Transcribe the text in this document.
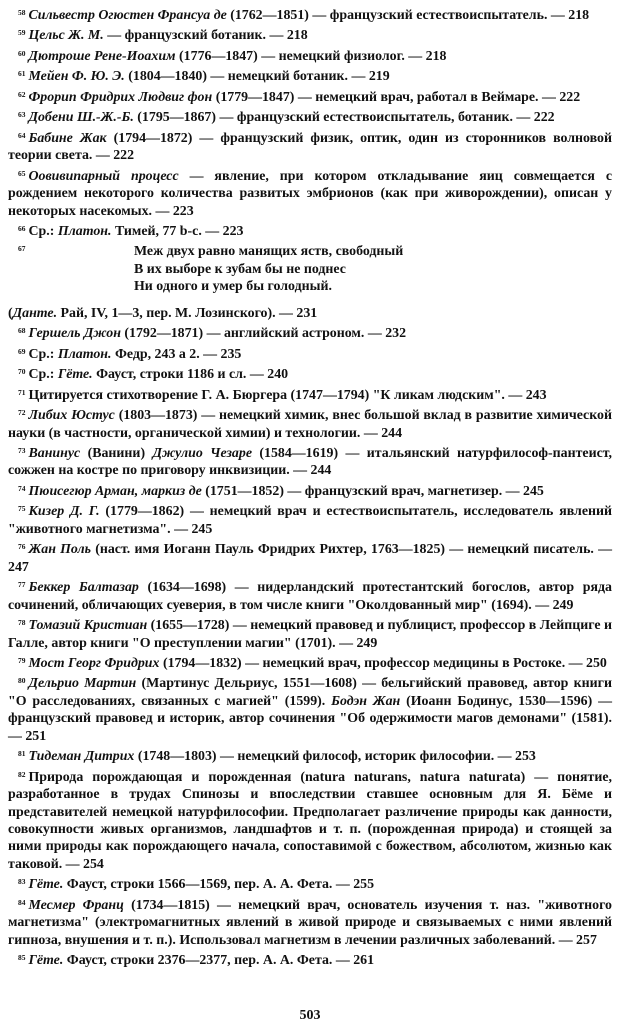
$^{58}$ Сильвестр Огюстен Франсуа де (1762—1851) — французский естествоиспытатель. — 218

$^{59}$ Цельс Ж. М. — французский ботаник. — 218

$^{60}$ Дютроше Рене-Иоахим (1776—1847) — немецкий физиолог. — 218

$^{61}$ Мейен Ф. Ю. Э. (1804—1840) — немецкий ботаник. — 219

$^{62}$ Фрорип Фридрих Людвиг фон (1779—1847) — немецкий врач, работал в Веймаре. — 222

$^{63}$ Добени Ш.-Ж.-Б. (1795—1867) — французский естествоиспытатель, ботаник. — 222

$^{64}$ Бабине Жак (1794—1872) — французский физик, оптик, один из сторонников волновой теории света. — 222

$^{65}$ Оовивипарный процесс — явление, при котором откладывание яиц совмещается с рождением некоторого количества развитых эмбрионов (как при живорождении), описан у некоторых насекомых. — 223

$^{66}$ Ср.: Платон. Тимей, 77 b-c. — 223

$^{67}$	Меж двух равно манящих яств, свободный
В их выборе к зубам бы не поднес
Ни одного и умер бы голодный.

(Данте. Рай, IV, 1—3, пер. М. Лозинского). — 231

$^{68}$ Гершель Джон (1792—1871) — английский астроном. — 232

$^{69}$ Ср.: Платон. Федр, 243 а 2. — 235

$^{70}$ Ср.: Гёте. Фауст, строки 1186 и сл. — 240

$^{71}$ Цитируется стихотворение Г. А. Бюргера (1747—1794) "К ликам людским". — 243

$^{72}$ Либих Юстус (1803—1873) — немецкий химик, внес большой вклад в развитие химической науки (в частности, органической химии) и технологии. — 244

$^{73}$ Ванинус (Ванини) Джулио Чезаре (1584—1619) — итальянский натурфилософ-пантеист, сожжен на костре по приговору инквизиции. — 244

$^{74}$ Пюисегюр Арман, маркиз де (1751—1852) — французский врач, магнетизер. — 245

$^{75}$ Кизер Д. Г. (1779—1862) — немецкий врач и естествоиспытатель, исследователь явлений "животного магнетизма". — 245

$^{76}$ Жан Поль (наст. имя Иоганн Пауль Фридрих Рихтер, 1763—1825) — немецкий писатель. — 247

$^{77}$ Беккер Балтазар (1634—1698) — нидерландский протестантский богослов, автор ряда сочинений, обличающих суеверия, в том числе книги "Околдованный мир" (1694). — 249

$^{78}$ Томазий Кристиан (1655—1728) — немецкий правовед и публицист, профессор в Лейпциге и Галле, автор книги "О преступлении магии" (1701). — 249

$^{79}$ Мост Георг Фридрих (1794—1832) — немецкий врач, профессор медицины в Ростоке. — 250

$^{80}$ Дельрио Мартин (Мартинус Дельриус, 1551—1608) — бельгийский правовед, автор книги "О расследованиях, связанных с магией" (1599). Бодэн Жан (Иоанн Бодинус, 1530—1596) — французский правовед и историк, автор сочинения "Об одержимости магов демонами" (1581). — 251

$^{81}$ Тидеман Дитрих (1748—1803) — немецкий философ, историк философии. — 253

$^{82}$ Природа порождающая и порожденная (natura naturans, natura naturata) — понятие, разработанное в трудах Спинозы и впоследствии ставшее основным для Я. Бёме и представителей немецкой натурфилософии. Предполагает различение природы как данности, совокупности живых организмов, ландшафтов и т. п. (порожденная природа) и стоящей за ними природы как порождающего начала, сопоставимой с божеством, абсолютом, жизнью как таковой. — 254

$^{83}$ Гёте. Фауст, строки 1566—1569, пер. А. А. Фета. — 255

$^{84}$ Месмер Франц (1734—1815) — немецкий врач, основатель изучения т. наз. "животного магнетизма" (электромагнитных явлений в живой природе и связываемых с ними явлений гипноза, внушения и т. п.). Использовал магнетизм в лечении различных заболеваний. — 257

$^{85}$ Гёте. Фауст, строки 2376—2377, пер. А. А. Фета. — 261

503
